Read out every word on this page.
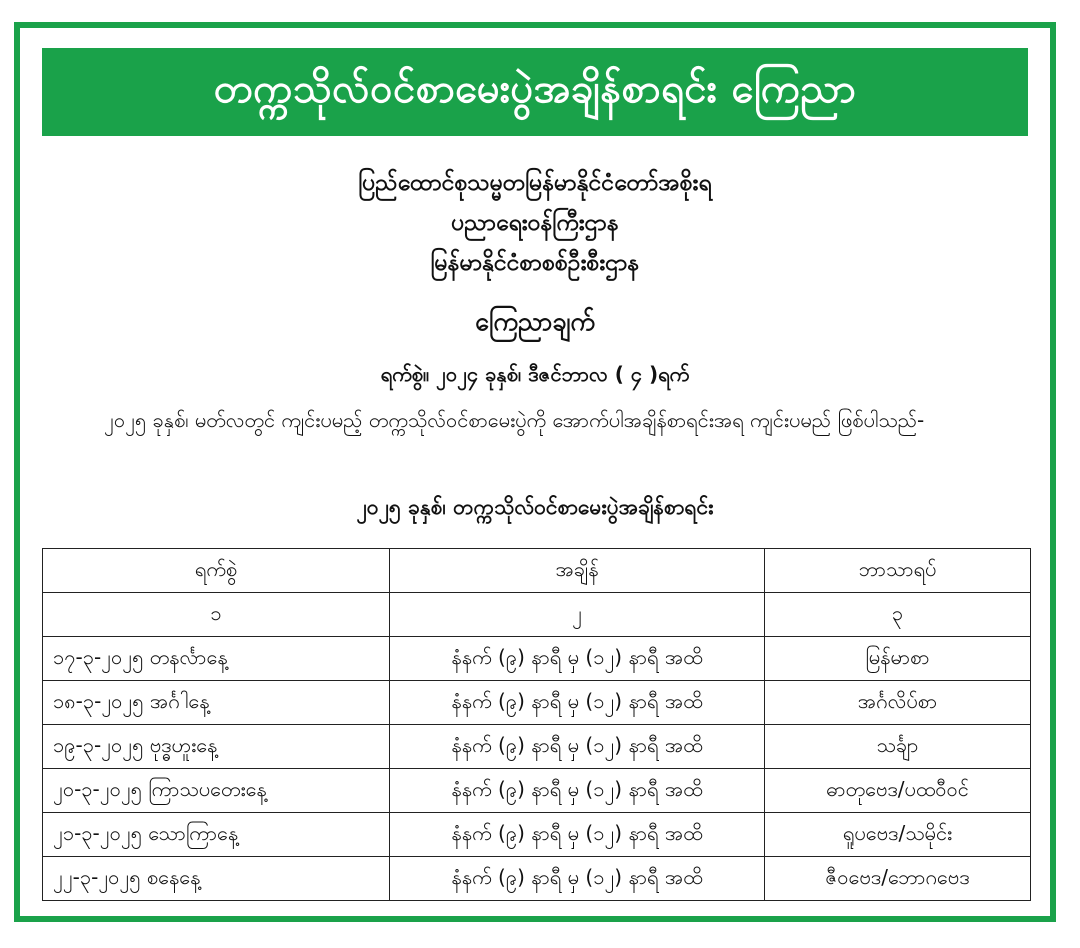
တက္ကသိုလ်ဝင်စာမေးပွဲအချိန်စာရင်း ကြေညာ
ပြည်ထောင်စုသမ္မတမြန်မာနိုင်ငံတော်အစိုးရ
ပညာရေးဝန်ကြီးဌာန
မြန်မာနိုင်ငံစာစစ်ဦးစီးဌာန
ကြေညာချက်
ရက်စွဲ။ ၂၀၂၄ ခုနှစ်၊ ဒီဇင်ဘာလ ( ၄ )ရက်
၂၀၂၅ ခုနှစ်၊ မတ်လတွင် ကျင်းပမည့် တက္ကသိုလ်ဝင်စာမေးပွဲကို အောက်ပါအချိန်စာရင်းအရ ကျင်းပမည် ဖြစ်ပါသည်-
၂၀၂၅ ခုနှစ်၊ တက္ကသိုလ်ဝင်စာမေးပွဲအချိန်စာရင်း
ရက်စွဲ	အချိန်	ဘာသာရပ်
၁	၂	၃
၁၇-၃-၂၀၂၅ တနင်္လာနေ့	နံနက် (၉) နာရီ မှ (၁၂) နာရီ အထိ	မြန်မာစာ
၁၈-၃-၂၀၂၅ အင်္ဂါနေ့	နံနက် (၉) နာရီ မှ (၁၂) နာရီ အထိ	အင်္ဂလိပ်စာ
၁၉-၃-၂၀၂၅ ဗုဒ္ဓဟူးနေ့	နံနက် (၉) နာရီ မှ (၁၂) နာရီ အထိ	သင်္ချာ
၂၀-၃-၂၀၂၅ ကြာသပတေးနေ့	နံနက် (၉) နာရီ မှ (၁၂) နာရီ အထိ	ဓာတုဗေဒ/ပထဝီဝင်
၂၁-၃-၂၀၂၅ သောကြာနေ့	နံနက် (၉) နာရီ မှ (၁၂) နာရီ အထိ	ရူပဗေဒ/သမိုင်း
၂၂-၃-၂၀၂၅ စနေနေ့	နံနက် (၉) နာရီ မှ (၁၂) နာရီ အထိ	ဇီဝဗေဒ/ဘောဂဗေဒ
